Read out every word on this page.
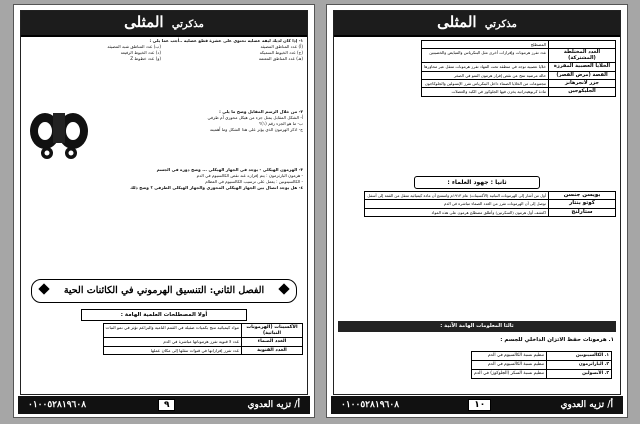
مذكرتي المثلى
١- إذا كان لديك ليفة عضلية تحتوي على عشرة قطع عضلية ..أجب عما يلي :
(أ) عدد المناطق المضيئة
(ب) عدد المناطق شبه المضيئة
(ج) عدد الخيوط السميكة
(د) عدد الخيوط الرفيعة
(هـ) عدد المناطق المعتمة
(و) عدد خطوط Z
٢- من خلال الرسم المقابل وضح ما يلي :
أ- الشكل المقابل يمثل جزء من هيكل محوري أم طرفي
ب- ما هو الجزء رقم (١)؟
ج- اذكر الهرمون الذي يؤثر على هذا الشكل وما أهميته
٣- الهرمون الهيكلي - يوجد في الجهاز الهيكلي ... وضح دوره في الجسم
- هرمون البارثرمون : يتم إفرازه عند نقص الكالسيوم في الدم
- الكالسيتونين : يعمل على ترسيب الكالسيوم في العظام
٤- هل يوجد اتصال بين الجهاز الهيكلي المحوري والجهاز الهيكلي الطرفي ؟ وضح ذلك
الفصل الثاني: التنسيق الهرموني في الكائنات الحية
أولا المصطلحات العلمية الهامة :
الأكسينات (الهرمونات النباتية)	مواد كيميائية تنتج بكميات ضئيلة في القمم النامية والبراعم تؤثر في نمو النبات
الغدد الصماء	غدد لا قنوية تفرز هرموناتها مباشرة في الدم
الغدد القنوية	غدد تفرز إفرازاتها في قنوات تنقلها إلى مكان عملها
أ/ تزيه العدوي
٩
٠١٠٠٥٢٨١٩٦٠٨
مذكرتي المثلى
	المصطلح
الغدد المختلطة (المشتركة)	غدد تفرز هرمونات وإفرازات أخرى مثل البنكرياس والمبايض والخصيتين
الخلايا العصبية المفرزة	خلايا عصبية توجد في منطقة تحت المهاد تفرز هرمونات تنتقل عبر محاورها
القصة (مرض القصر)	حالة مرضية تنتج عن نقص إفراز هرمون النمو في الصغر
جزر لانجرهانز	مجموعات من الخلايا الصماء داخل البنكرياس تفرز الإنسولين والجلوكاجون
الجليكوجين	مادة كربوهيدراتية يخزن فيها الجلوكوز في الكبد والعضلات
ثانيا : جهود العلماء :
بويسن جنسن	أول من أشار إلى الهرمونات النباتية (الأكسينات) عام ١٩١٣م واستنتج أن مادة كيميائية تنتقل من القمة إلى أسفل
كوتو بنتار	توصل إلى أن الهرمونات تفرز من الغدد الصماء مباشرة في الدم
ستارلنج	اكتشف أول هرمون (السكرتين) وأطلق مصطلح هرمون على هذه المواد
ثالثا المعلومات الهامة الآتية :
١. هرمونات حفظ الاتزان الداخلي للجسم :
١. الكالسيتونين	تنظيم نسبة الكالسيوم في الدم
٢. الباراثرمون	تنظيم نسبة الكالسيوم في الدم
٣. الأنسولين	تنظيم نسبة السكر (الجلوكوز) في الدم
أ/ تزيه العدوي
١٠
٠١٠٠٥٢٨١٩٦٠٨
